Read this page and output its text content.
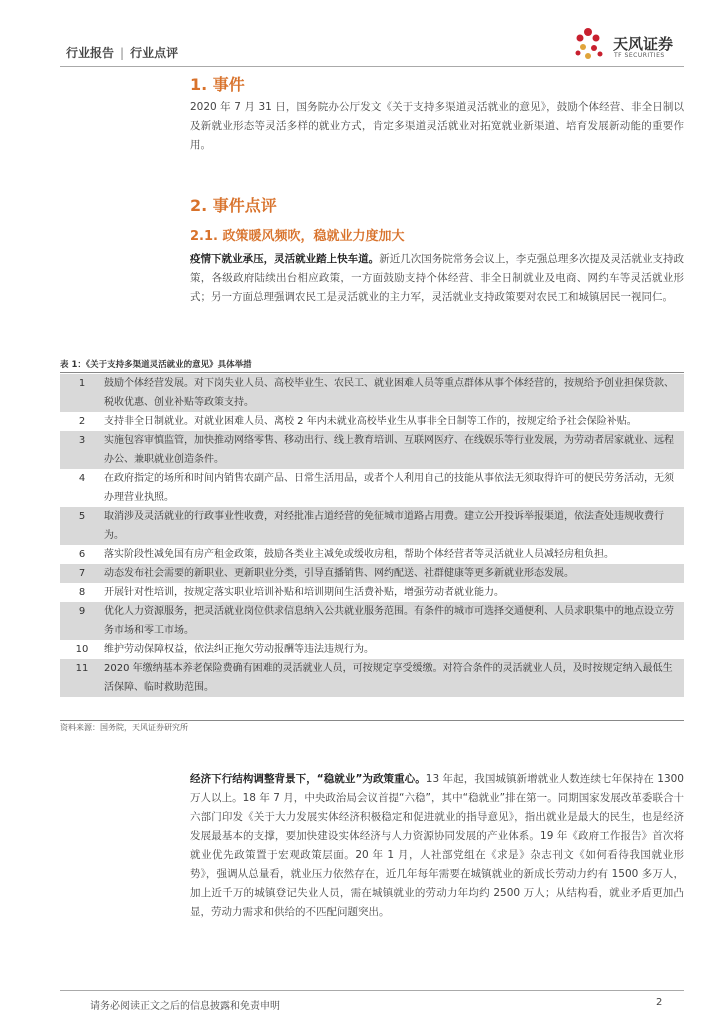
行业报告 | 行业点评	天风证券
TF SECURITIES
1. 事件
2020 年 7 月 31 日，国务院办公厅发文《关于支持多渠道灵活就业的意见》，鼓励个体经营、非全日制以及新就业形态等灵活多样的就业方式，肯定多渠道灵活就业对拓宽就业新渠道、培育发展新动能的重要作用。
2. 事件点评
2.1. 政策暖风频吹，稳就业力度加大
疫情下就业承压，灵活就业踏上快车道。新近几次国务院常务会议上，李克强总理多次提及灵活就业支持政策，各级政府陆续出台相应政策，一方面鼓励支持个体经营、非全日制就业及电商、网约车等灵活就业形式；另一方面总理强调农民工是灵活就业的主力军，灵活就业支持政策要对农民工和城镇居民一视同仁。
表 1：《关于支持多渠道灵活就业的意见》具体举措
1	鼓励个体经营发展。对下岗失业人员、高校毕业生、农民工、就业困难人员等重点群体从事个体经营的，按规给予创业担保贷款、税收优惠、创业补贴等政策支持。
2	支持非全日制就业。对就业困难人员、离校 2 年内未就业高校毕业生从事非全日制等工作的，按规定给予社会保险补贴。
3	实施包容审慎监管，加快推动网络零售、移动出行、线上教育培训、互联网医疗、在线娱乐等行业发展，为劳动者居家就业、远程办公、兼职就业创造条件。
4	在政府指定的场所和时间内销售农副产品、日常生活用品，或者个人利用自己的技能从事依法无须取得许可的便民劳务活动，无须办理营业执照。
5	取消涉及灵活就业的行政事业性收费，对经批准占道经营的免征城市道路占用费。建立公开投诉举报渠道，依法查处违规收费行为。
6	落实阶段性减免国有房产租金政策，鼓励各类业主减免或缓收房租，帮助个体经营者等灵活就业人员减轻房租负担。
7	动态发布社会需要的新职业、更新职业分类，引导直播销售、网约配送、社群健康等更多新就业形态发展。
8	开展针对性培训，按规定落实职业培训补贴和培训期间生活费补贴，增强劳动者就业能力。
9	优化人力资源服务，把灵活就业岗位供求信息纳入公共就业服务范围。有条件的城市可选择交通便利、人员求职集中的地点设立劳务市场和零工市场。
10	维护劳动保障权益，依法纠正拖欠劳动报酬等违法违规行为。
11	2020 年缴纳基本养老保险费确有困难的灵活就业人员，可按规定享受缓缴。对符合条件的灵活就业人员，及时按规定纳入最低生活保障、临时救助范围。
资料来源：国务院，天风证券研究所
经济下行结构调整背景下，“稳就业”为政策重心。13 年起，我国城镇新增就业人数连续七年保持在 1300 万人以上。18 年 7 月，中央政治局会议首提“六稳”，其中“稳就业”排在第一。同期国家发展改革委联合十六部门印发《关于大力发展实体经济积极稳定和促进就业的指导意见》，指出就业是最大的民生，也是经济发展最基本的支撑，要加快建设实体经济与人力资源协同发展的产业体系。19 年《政府工作报告》首次将就业优先政策置于宏观政策层面。20 年 1 月，人社部党组在《求是》杂志刊文《如何看待我国就业形势》，强调从总量看，就业压力依然存在，近几年每年需要在城镇就业的新成长劳动力约有 1500 多万人，加上近千万的城镇登记失业人员，需在城镇就业的劳动力年均约 2500 万人；从结构看，就业矛盾更加凸显，劳动力需求和供给的不匹配问题突出。
请务必阅读正文之后的信息披露和免责申明	2
